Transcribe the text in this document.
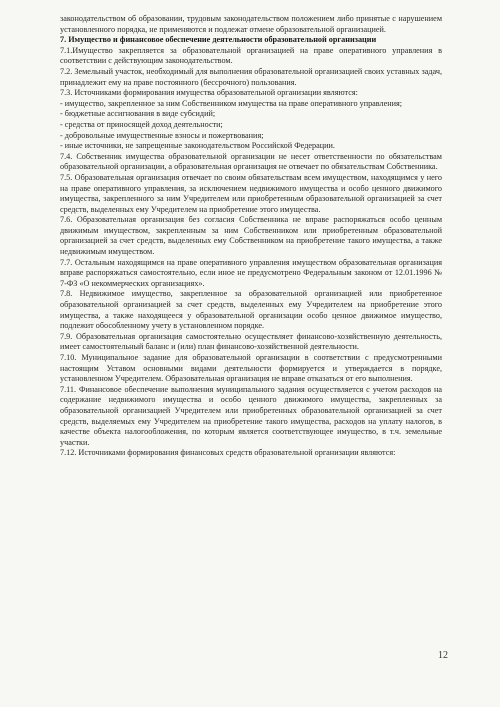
законодательством об образовании, трудовым законодательством положением либо принятые с нарушением установленного порядка, не применяются и подлежат отмене образовательной организацией.

7. Имущество и финансовое обеспечение деятельности образовательной организации

7.1.Имущество закрепляется за образовательной организацией на праве оперативного управления в соответствии с действующим законодательством.

7.2. Земельный участок, необходимый для выполнения образовательной организацией своих уставных задач, принадлежит ему на праве постоянного (бессрочного) пользования.

7.3. Источниками формирования имущества образовательной организации являются:

- имущество, закрепленное за ним Собственником имущества на праве оперативного управления;

- бюджетные ассигнования в виде субсидий;

- средства от приносящей доход деятельности;

- добровольные имущественные взносы и пожертвования;

- иные источники, не запрещенные законодательством Российской Федерации.

7.4. Собственник имущества образовательной организации не несет ответственности по обязательствам образовательной организации, а образовательная организация не отвечает по обязательствам Собственника.

7.5. Образовательная организация отвечает по своим обязательствам всем имуществом, находящимся у него на праве оперативного управления, за исключением недвижимого имущества и особо ценного движимого имущества, закрепленного за ним Учредителем или приобретенным образовательной организацией за счет средств, выделенных ему Учредителем на приобретение этого имущества.

7.6. Образовательная организация без согласия Собственника не вправе распоряжаться особо ценным движимым имуществом, закрепленным за ним Собственником или приобретенным образовательной организацией за счет средств, выделенных ему Собственником на приобретение такого имущества, а также недвижимым имуществом.

7.7. Остальным находящимся на праве оперативного управления имуществом образовательная организация вправе распоряжаться самостоятельно, если иное не предусмотрено Федеральным законом от 12.01.1996 № 7-ФЗ «О некоммерческих организациях».

7.8. Недвижимое имущество, закрепленное за образовательной организацией или приобретенное образовательной организацией за счет средств, выделенных ему Учредителем на приобретение этого имущества, а также находящееся у образовательной организации особо ценное движимое имущество, подлежит обособленному учету в установленном порядке.

7.9. Образовательная организация самостоятельно осуществляет финансово-хозяйственную деятельность, имеет самостоятельный баланс и (или) план финансово-хозяйственной деятельности.

7.10. Муниципальное задание для образовательной организации в соответствии с предусмотренными настоящим Уставом основными видами деятельности формируется и утверждается в порядке, установленном Учредителем. Образовательная организация не вправе отказаться от его выполнения.

7.11. Финансовое обеспечение выполнения муниципального задания осуществляется с учетом расходов на содержание недвижимого имущества и особо ценного движимого имущества, закрепленных за образовательной организацией Учредителем или приобретенных образовательной организацией за счет средств, выделяемых ему Учредителем на приобретение такого имущества, расходов на уплату налогов, в качестве объекта налогообложения, по которым является соответствующее имущество, в т.ч. земельные участки.

7.12. Источниками формирования финансовых средств образовательной организации являются:

12
